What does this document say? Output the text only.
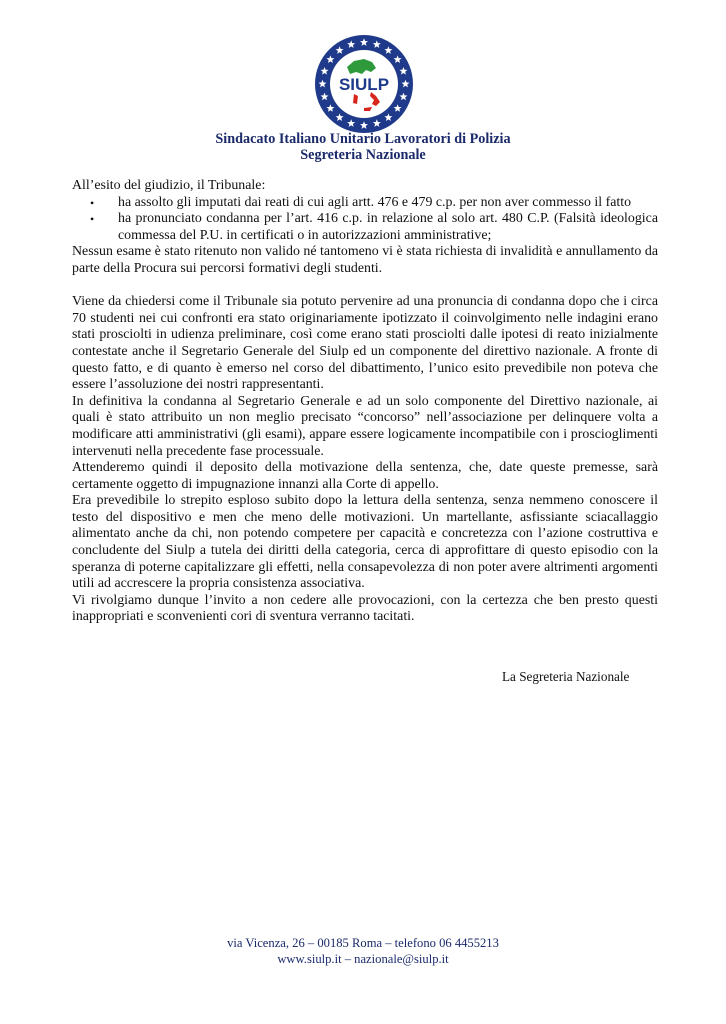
SIULP
Sindacato Italiano Unitario Lavoratori di Polizia
Segreteria Nazionale

All’esito del giudizio, il Tribunale:

• ha assolto gli imputati dai reati di cui agli artt. 476 e 479 c.p. per non aver commesso il fatto
• ha pronunciato condanna per l’art. 416 c.p. in relazione al solo art. 480 C.P. (Falsità ideologica commessa del P.U. in certificati o in autorizzazioni amministrative;

Nessun esame è stato ritenuto non valido né tantomeno vi è stata richiesta di invalidità e annullamento da parte della Procura sui percorsi formativi degli studenti.

Viene da chiedersi come il Tribunale sia potuto pervenire ad una pronuncia di condanna dopo che i circa 70 studenti nei cui confronti era stato originariamente ipotizzato il coinvolgimento nelle indagini erano stati prosciolti in udienza preliminare, così come erano stati prosciolti dalle ipotesi di reato inizialmente contestate anche il Segretario Generale del Siulp ed un componente del direttivo nazionale. A fronte di questo fatto, e di quanto è emerso nel corso del dibattimento, l’unico esito prevedibile non poteva che essere l’assoluzione dei nostri rappresentanti.

In definitiva la condanna al Segretario Generale e ad un solo componente del Direttivo nazionale, ai quali è stato attribuito un non meglio precisato “concorso” nell’associazione per delinquere volta a modificare atti amministrativi (gli esami), appare essere logicamente incompatibile con i proscioglimenti intervenuti nella precedente fase processuale.

Attenderemo quindi il deposito della motivazione della sentenza, che, date queste premesse, sarà certamente oggetto di impugnazione innanzi alla Corte di appello.

Era prevedibile lo strepito esploso subito dopo la lettura della sentenza, senza nemmeno conoscere il testo del dispositivo e men che meno delle motivazioni. Un martellante, asfissiante sciacallaggio alimentato anche da chi, non potendo competere per capacità e concretezza con l’azione costruttiva e concludente del Siulp a tutela dei diritti della categoria, cerca di approfittare di questo episodio con la speranza di poterne capitalizzare gli effetti, nella consapevolezza di non poter avere altrimenti argomenti utili ad accrescere la propria consistenza associativa.

Vi rivolgiamo dunque l’invito a non cedere alle provocazioni, con la certezza che ben presto questi inappropriati e sconvenienti cori di sventura verranno tacitati.

La Segreteria Nazionale
via Vicenza, 26 – 00185 Roma – telefono 06 4455213
www.siulp.it – nazionale@siulp.it
